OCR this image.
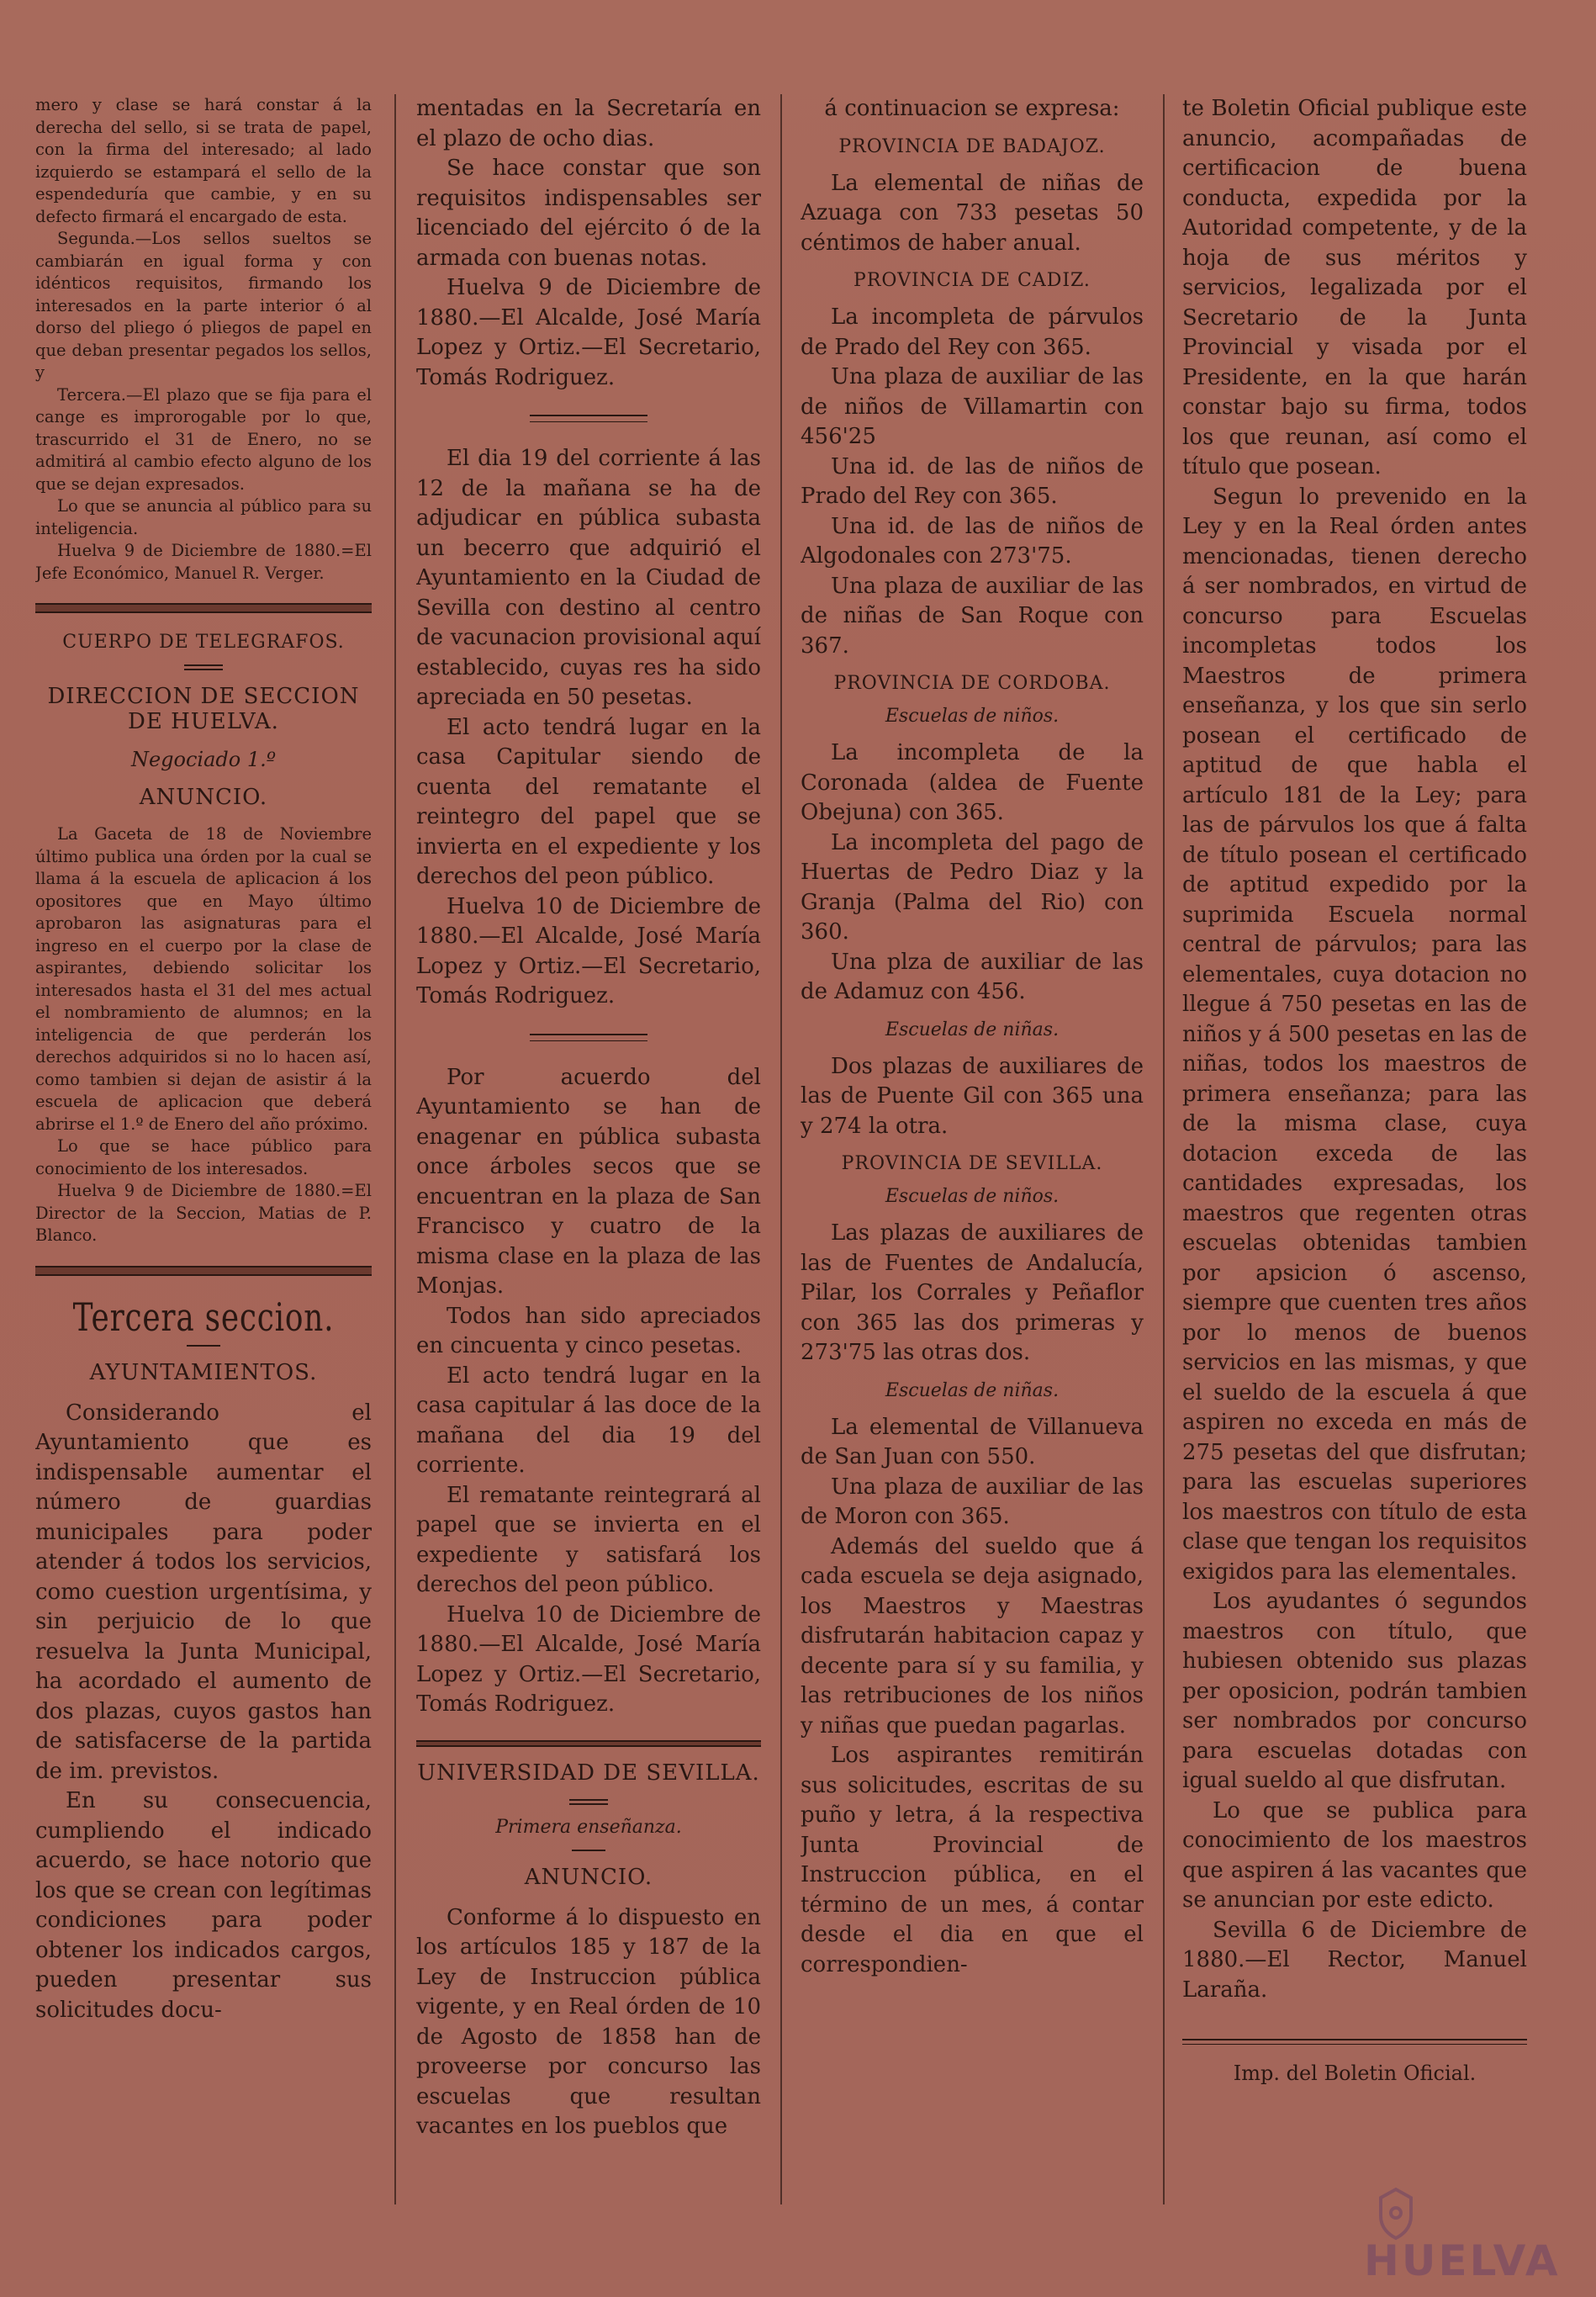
mero y clase se hará constar á la derecha del sello, si se trata de papel, con la firma del interesado; al lado izquierdo se estampará el sello de la espendeduría que cambie, y en su defecto firmará el encargado de esta.

Segunda.—Los sellos sueltos se cambiarán en igual forma y con idénticos requisitos, firmando los interesados en la parte interior ó al dorso del pliego ó pliegos de papel en que deban presentar pegados los sellos, y

Tercera.—El plazo que se fija para el cange es improrogable por lo que, trascurrido el 31 de Enero, no se admitirá al cambio efecto alguno de los que se dejan expresados.

Lo que se anuncia al público para su inteligencia.

Huelva 9 de Diciembre de 1880.=El Jefe Económico, Manuel R. Verger.

CUERPO DE TELEGRAFOS.
DIRECCION DE SECCION DE HUELVA.
Negociado 1.º
ANUNCIO.

La Gaceta de 18 de Noviembre último publica una órden por la cual se llama á la escuela de aplicacion á los opositores que en Mayo último aprobaron las asignaturas para el ingreso en el cuerpo por la clase de aspirantes, debiendo solicitar los interesados hasta el 31 del mes actual el nombramiento de alumnos; en la inteligencia de que perderán los derechos adquiridos si no lo hacen así, como tambien si dejan de asistir á la escuela de aplicacion que deberá abrirse el 1.º de Enero del año próximo.

Lo que se hace público para conocimiento de los interesados.

Huelva 9 de Diciembre de 1880.=El Director de la Seccion, Matias de P. Blanco.

Tercera seccion.
AYUNTAMIENTOS.

Considerando el Ayuntamiento que es indispensable aumentar el número de guardias municipales para poder atender á todos los servicios, como cuestion urgentísima, y sin perjuicio de lo que resuelva la Junta Municipal, ha acordado el aumento de dos plazas, cuyos gastos han de satisfacerse de la partida de im. previstos.

En su consecuencia, cumpliendo el indicado acuerdo, se hace notorio que los que se crean con legítimas condiciones para poder obtener los indicados cargos, pueden presentar sus solicitudes docu-

mentadas en la Secretaría en el plazo de ocho dias.

Se hace constar que son requisitos indispensables ser licenciado del ejército ó de la armada con buenas notas.

Huelva 9 de Diciembre de 1880.—El Alcalde, José María Lopez y Ortiz.—El Secretario, Tomás Rodriguez.

El dia 19 del corriente á las 12 de la mañana se ha de adjudicar en pública subasta un becerro que adquirió el Ayuntamiento en la Ciudad de Sevilla con destino al centro de vacunacion provisional aquí establecido, cuyas res ha sido apreciada en 50 pesetas.

El acto tendrá lugar en la casa Capitular siendo de cuenta del rematante el reintegro del papel que se invierta en el expediente y los derechos del peon público.

Huelva 10 de Diciembre de 1880.—El Alcalde, José María Lopez y Ortiz.—El Secretario, Tomás Rodriguez.

Por acuerdo del Ayuntamiento se han de enagenar en pública subasta once árboles secos que se encuentran en la plaza de San Francisco y cuatro de la misma clase en la plaza de las Monjas.

Todos han sido apreciados en cincuenta y cinco pesetas.

El acto tendrá lugar en la casa capitular á las doce de la mañana del dia 19 del corriente.

El rematante reintegrará al papel que se invierta en el expediente y satisfará los derechos del peon público.

Huelva 10 de Diciembre de 1880.—El Alcalde, José María Lopez y Ortiz.—El Secretario, Tomás Rodriguez.

UNIVERSIDAD DE SEVILLA.
Primera enseñanza.
ANUNCIO.

Conforme á lo dispuesto en los artículos 185 y 187 de la Ley de Instruccion pública vigente, y en Real órden de 10 de Agosto de 1858 han de proveerse por concurso las escuelas que resultan vacantes en los pueblos que

á continuacion se expresa:

PROVINCIA DE BADAJOZ.

La elemental de niñas de Azuaga con 733 pesetas 50 céntimos de haber anual.

PROVINCIA DE CADIZ.

La incompleta de párvulos de Prado del Rey con 365.

Una plaza de auxiliar de las de niños de Villamartin con 456'25

Una id. de las de niños de Prado del Rey con 365.

Una id. de las de niños de Algodonales con 273'75.

Una plaza de auxiliar de las de niñas de San Roque con 367.

PROVINCIA DE CORDOBA.
Escuelas de niños.

La incompleta de la Coronada (aldea de Fuente Obejuna) con 365.

La incompleta del pago de Huertas de Pedro Diaz y la Granja (Palma del Rio) con 360.

Una plza de auxiliar de las de Adamuz con 456.

Escuelas de niñas.

Dos plazas de auxiliares de las de Puente Gil con 365 una y 274 la otra.

PROVINCIA DE SEVILLA.
Escuelas de niños.

Las plazas de auxiliares de las de Fuentes de Andalucía, Pilar, los Corrales y Peñaflor con 365 las dos primeras y 273'75 las otras dos.

Escuelas de niñas.

La elemental de Villanueva de San Juan con 550.

Una plaza de auxiliar de las de Moron con 365.

Además del sueldo que á cada escuela se deja asignado, los Maestros y Maestras disfrutarán habitacion capaz y decente para sí y su familia, y las retribuciones de los niños y niñas que puedan pagarlas.

Los aspirantes remitirán sus solicitudes, escritas de su puño y letra, á la respectiva Junta Provincial de Instruccion pública, en el término de un mes, á contar desde el dia en que el correspondien-

te Boletin Oficial publique este anuncio, acompañadas de certificacion de buena conducta, expedida por la Autoridad competente, y de la hoja de sus méritos y servicios, legalizada por el Secretario de la Junta Provincial y visada por el Presidente, en la que harán constar bajo su firma, todos los que reunan, así como el título que posean.

Segun lo prevenido en la Ley y en la Real órden antes mencionadas, tienen derecho á ser nombrados, en virtud de concurso para Escuelas incompletas todos los Maestros de primera enseñanza, y los que sin serlo posean el certificado de aptitud de que habla el artículo 181 de la Ley; para las de párvulos los que á falta de título posean el certificado de aptitud expedido por la suprimida Escuela normal central de párvulos; para las elementales, cuya dotacion no llegue á 750 pesetas en las de niños y á 500 pesetas en las de niñas, todos los maestros de primera enseñanza; para las de la misma clase, cuya dotacion exceda de las cantidades expresadas, los maestros que regenten otras escuelas obtenidas tambien por apsicion ó ascenso, siempre que cuenten tres años por lo menos de buenos servicios en las mismas, y que el sueldo de la escuela á que aspiren no exceda en más de 275 pesetas del que disfrutan; para las escuelas superiores los maestros con título de esta clase que tengan los requisitos exigidos para las elementales.

Los ayudantes ó segundos maestros con título, que hubiesen obtenido sus plazas per oposicion, podrán tambien ser nombrados por concurso para escuelas dotadas con igual sueldo al que disfrutan.

Lo que se publica para conocimiento de los maestros que aspiren á las vacantes que se anuncian por este edicto.

Sevilla 6 de Diciembre de 1880.—El Rector, Manuel Laraña.

Imp. del Boletin Oficial.
HUELVA
